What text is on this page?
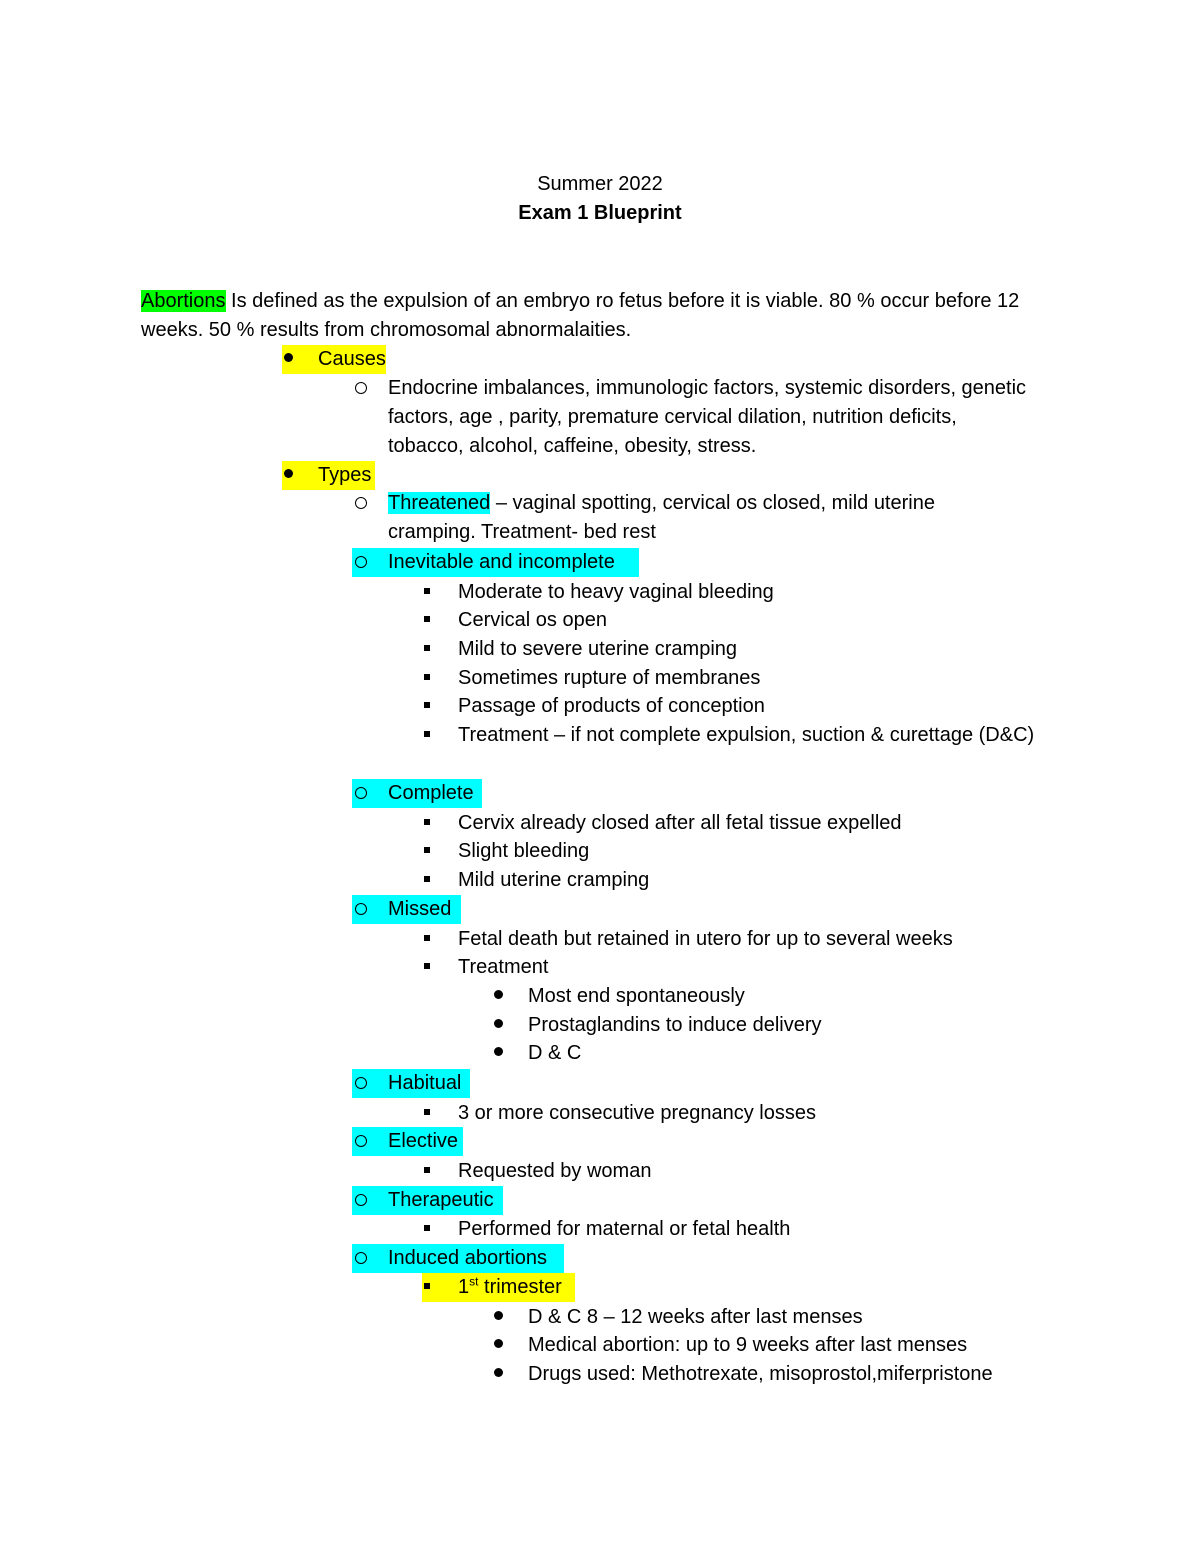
Summer 2022
Exam 1 Blueprint
Abortions Is defined as the expulsion of an embryo ro fetus before it is viable. 80 % occur before 12 weeks. 50 % results from chromosomal abnormalaities.
Causes
Endocrine imbalances, immunologic factors, systemic disorders, genetic factors, age , parity, premature cervical dilation, nutrition deficits, tobacco, alcohol, caffeine, obesity, stress.
Types
Threatened – vaginal spotting, cervical os closed, mild uterine cramping. Treatment- bed rest
Inevitable and incomplete
Moderate to heavy vaginal bleeding
Cervical os open
Mild to severe uterine cramping
Sometimes rupture of membranes
Passage of products of conception
Treatment – if not complete expulsion, suction & curettage (D&C)
Complete
Cervix already closed after all fetal tissue expelled
Slight bleeding
Mild uterine cramping
Missed
Fetal death but retained in utero for up to several weeks
Treatment
Most end spontaneously
Prostaglandins to induce delivery
D & C
Habitual
3 or more consecutive pregnancy losses
Elective
Requested by woman
Therapeutic
Performed for maternal or fetal health
Induced abortions
1st trimester
D & C 8 – 12 weeks after last menses
Medical abortion: up to 9 weeks after last menses
Drugs used: Methotrexate, misoprostol,miferpristone
